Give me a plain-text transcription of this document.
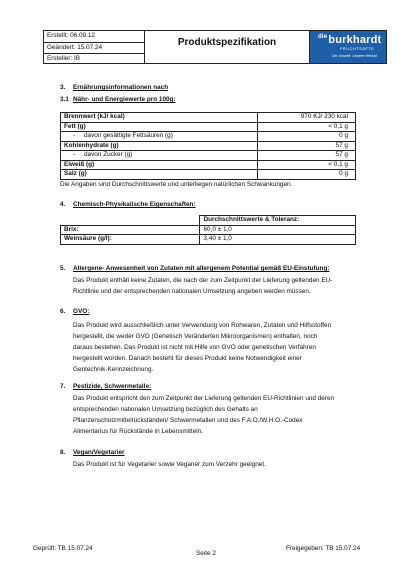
Erstellt: 06.09.12
Geändert: 15.07.24
Ersteller: IB
Produktspezifikation	$^{die}$burkhardt
FRUCHTSÄFTE
Der Umwelt. Unserer Heimat.
3. Ernährungsinformationen nach
3.1 Nähr- und Energiewerte pro 100g:
Brennwert (kJ/ kcal)	970 KJ/ 230 kcal
Fett (g)	< 0,1 g
-     davon gesättigte Fettsäuren (g)	0 g
Kohlenhydrate (g)	57 g
-     davon Zucker (g)	57 g
Eiweiß (g)	< 0,1 g
Salz (g)	0 g
Die Angaben sind Durchschnittswerte und unterliegen natürlichen Schwankungen.
4. Chemisch-Physikalische Eigenschaften:
	Durchschnittswerte & Toleranz:
Brix:	60,0 ± 1,0
Weinsäure (g/l):	3,40 ± 1,0
5. Allergene- Anwesenheit von Zutaten mit allergenem Potential gemäß EU-Einstufung:
Das Produkt enthält keine Zutaten, die nach der zum Zeitpunkt der Lieferung geltenden EU-
Richtlinie und der entsprechenden nationalen Umsetzung angeben werden müssen.
6. GVO:
Das Produkt wird ausschließlich unter Verwendung von Rohwaren, Zutaten und Hilfsstoffen
hergestellt, die weder GVO (Genetisch Veränderten Mikroorganismen) enthalten, noch
daraus bestehen. Das Produkt ist nicht mit Hilfe von GVO oder genetischen Verfahren
hergestellt worden. Danach besteht für dieses Produkt keine Notwendigkeit einer
Gentechnik-Kennzeichnung.
7. Pestizide, Schwermetalle:
Das Produkt entspricht den zum Zeitpunkt der Lieferung geltenden EU-Richtlinien und deren
entsprechenden nationalen Umsetzung bezüglich des Gehalts an
Pflanzenschutzmittelrückständen/ Schwermetallen und des F.A.O./W.H.O.-Codex
Alimentarius für Rückstände in Lebensmitteln.
8. Vegan/Vegetarier
Das Produkt ist für Vegetarier sowie Veganer zum Verzehr geeignet.
Geprüft: TB 15.07.24
Seite 2
Freigegeben: TB 15.07.24
